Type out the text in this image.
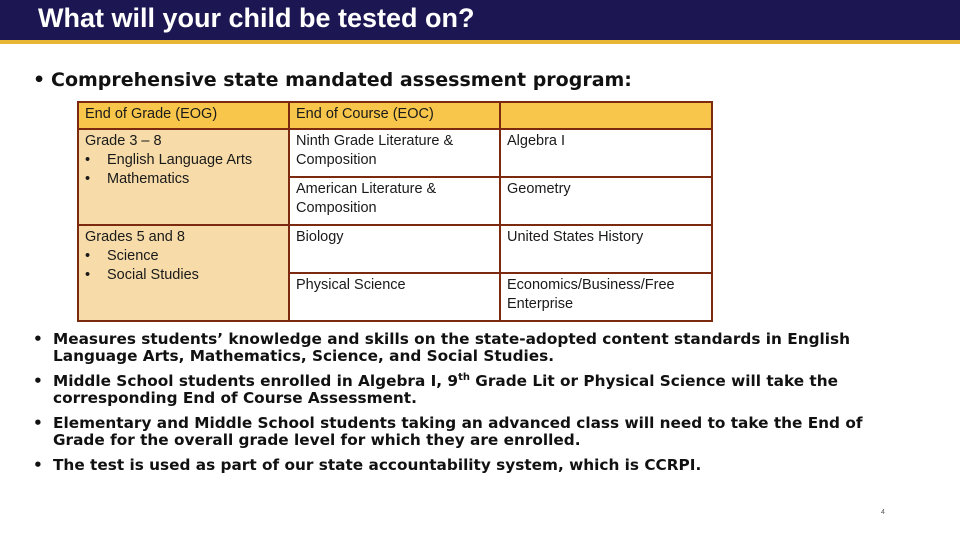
What will your child be tested on?
• Comprehensive state mandated assessment program:
End of Grade (EOG)	End of Course (EOC)	

Grade 3 – 8
• English Language Arts
• Mathematics	Ninth Grade Literature & Composition	Algebra I
	American Literature & Composition	Geometry

Grades 5 and 8
• Science
• Social Studies	Biology	United States History
	Physical Science	Economics/Business/Free Enterprise
• Measures students’ knowledge and skills on the state-adopted content standards in English Language Arts, Mathematics, Science, and Social Studies.
• Middle School students enrolled in Algebra I, 9th Grade Lit or Physical Science will take the corresponding End of Course Assessment.
• Elementary and Middle School students taking an advanced class will need to take the End of Grade for the overall grade level for which they are enrolled.
• The test is used as part of our state accountability system, which is CCRPI.
4
